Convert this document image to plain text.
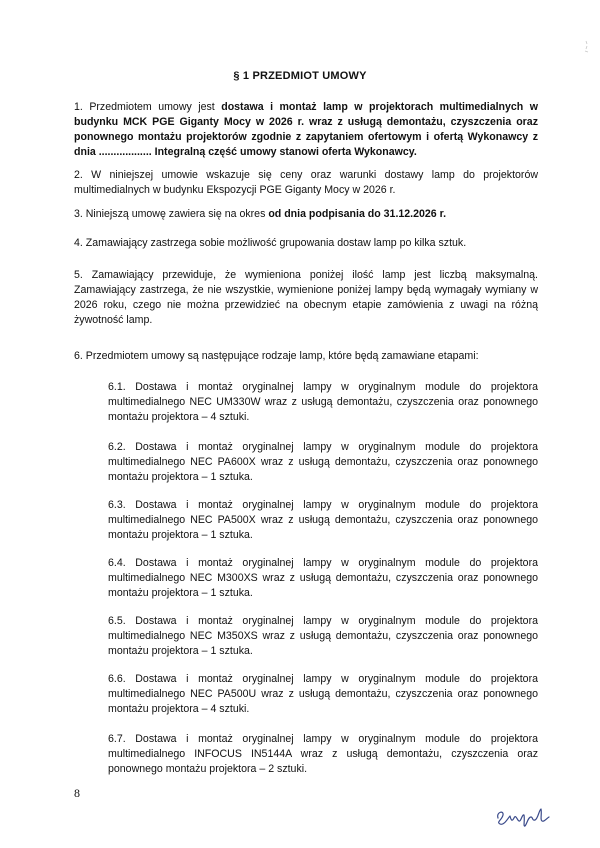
§ 1 PRZEDMIOT UMOWY

1. Przedmiotem umowy jest dostawa i montaż lamp w projektorach multimedialnych w budynku MCK PGE Giganty Mocy w 2026 r. wraz z usługą demontażu, czyszczenia oraz ponownego montażu projektorów zgodnie z zapytaniem ofertowym i ofertą Wykonawcy z dnia .................. Integralną część umowy stanowi oferta Wykonawcy.

2. W niniejszej umowie wskazuje się ceny oraz warunki dostawy lamp do projektorów multimedialnych w budynku Ekspozycji PGE Giganty Mocy w 2026 r.

3. Niniejszą umowę zawiera się na okres od dnia podpisania do 31.12.2026 r.

4. Zamawiający zastrzega sobie możliwość grupowania dostaw lamp po kilka sztuk.

5. Zamawiający przewiduje, że wymieniona poniżej ilość lamp jest liczbą maksymalną. Zamawiający zastrzega, że nie wszystkie, wymienione poniżej lampy będą wymagały wymiany w 2026 roku, czego nie można przewidzieć na obecnym etapie zamówienia z uwagi na różną żywotność lamp.

6. Przedmiotem umowy są następujące rodzaje lamp, które będą zamawiane etapami:

6.1. Dostawa i montaż oryginalnej lampy w oryginalnym module do projektora multimedialnego NEC UM330W wraz z usługą demontażu, czyszczenia oraz ponownego montażu projektora – 4 sztuki.

6.2. Dostawa i montaż oryginalnej lampy w oryginalnym module do projektora multimedialnego NEC PA600X wraz z usługą demontażu, czyszczenia oraz ponownego montażu projektora – 1 sztuka.

6.3. Dostawa i montaż oryginalnej lampy w oryginalnym module do projektora multimedialnego NEC PA500X wraz z usługą demontażu, czyszczenia oraz ponownego montażu projektora – 1 sztuka.

6.4. Dostawa i montaż oryginalnej lampy w oryginalnym module do projektora multimedialnego NEC M300XS wraz z usługą demontażu, czyszczenia oraz ponownego montażu projektora – 1 sztuka.

6.5. Dostawa i montaż oryginalnej lampy w oryginalnym module do projektora multimedialnego NEC M350XS wraz z usługą demontażu, czyszczenia oraz ponownego montażu projektora – 1 sztuka.

6.6. Dostawa i montaż oryginalnej lampy w oryginalnym module do projektora multimedialnego NEC PA500U wraz z usługą demontażu, czyszczenia oraz ponownego montażu projektora – 4 sztuki.

6.7. Dostawa i montaż oryginalnej lampy w oryginalnym module do projektora multimedialnego INFOCUS IN5144A wraz z usługą demontażu, czyszczenia oraz ponownego montażu projektora – 2 sztuki.

8
